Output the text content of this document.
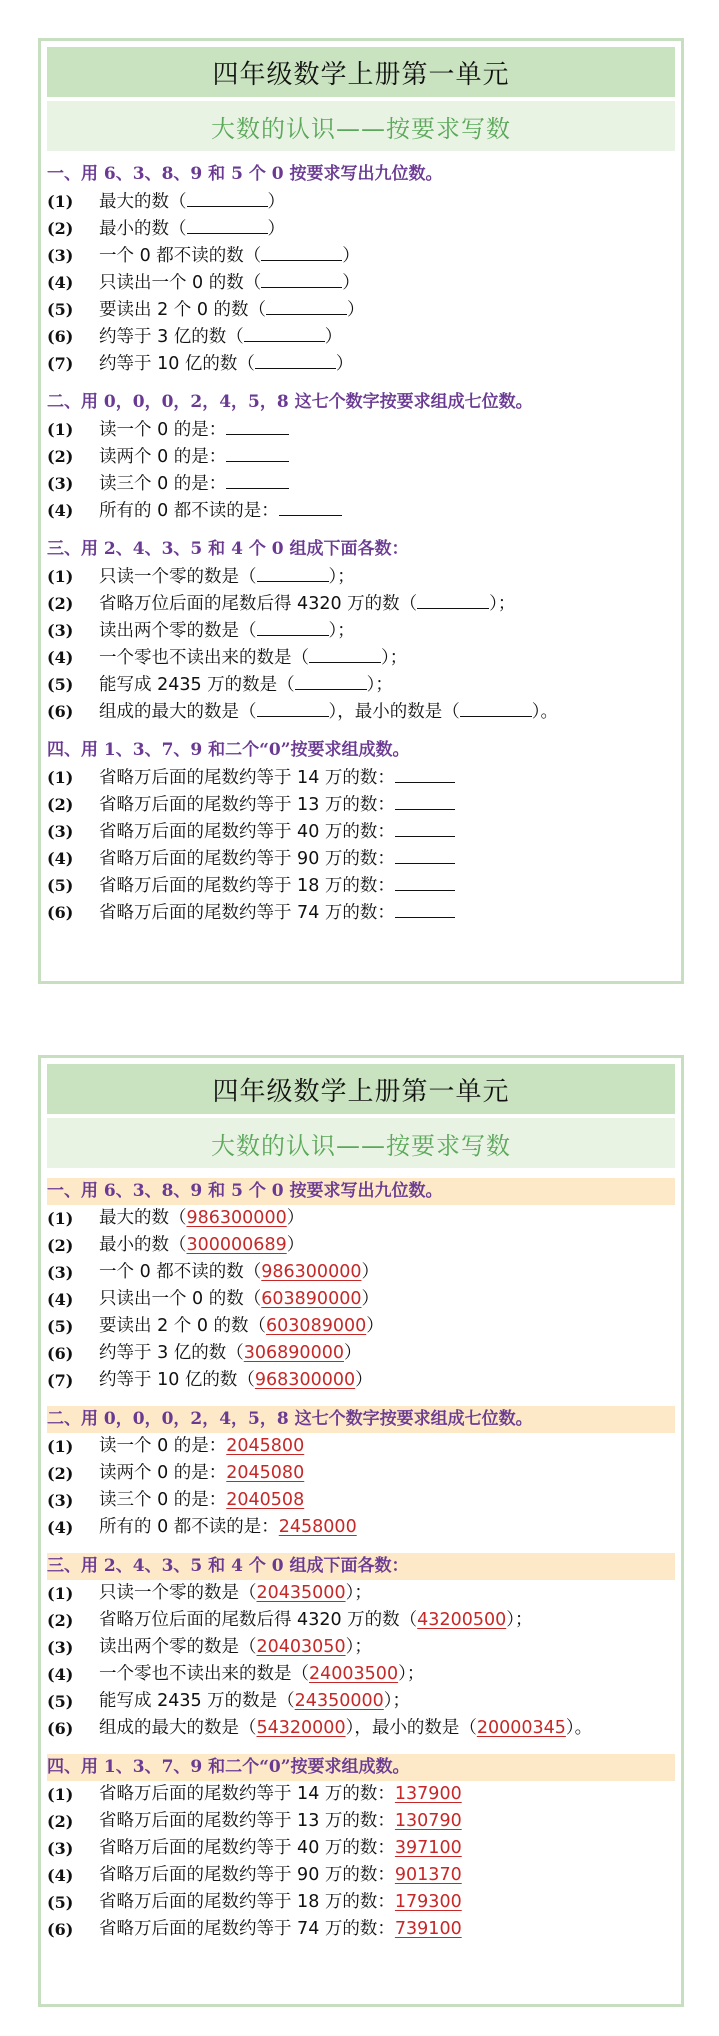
四年级数学上册第一单元
大数的认识——按要求写数
一、用 6、3、8、9 和 5 个 0 按要求写出九位数。
(1)	最大的数（	）
(2)	最小的数（	）
(3)	一个 0 都不读的数（	）
(4)	只读出一个 0 的数（	）
(5)	要读出 2 个 0 的数（	）
(6)	约等于 3 亿的数（	）
(7)	约等于 10 亿的数（	）
二、用 0，0，0，2，4，5，8 这七个数字按要求组成七位数。
(1)	读一个 0 的是：
(2)	读两个 0 的是：
(3)	读三个 0 的是：
(4)	所有的 0 都不读的是：
三、用 2、4、3、5 和 4 个 0 组成下面各数：
(1)	只读一个零的数是（	）；
(2)	省略万位后面的尾数后得 4320 万的数（	）；
(3)	读出两个零的数是（	）；
(4)	一个零也不读出来的数是（	）；
(5)	能写成 2435 万的数是（	）；
(6)	组成的最大的数是（	），最小的数是（	）。
四、用 1、3、7、9 和二个“0”按要求组成数。
(1)	省略万后面的尾数约等于 14 万的数：
(2)	省略万后面的尾数约等于 13 万的数：
(3)	省略万后面的尾数约等于 40 万的数：
(4)	省略万后面的尾数约等于 90 万的数：
(5)	省略万后面的尾数约等于 18 万的数：
(6)	省略万后面的尾数约等于 74 万的数：
四年级数学上册第一单元
大数的认识——按要求写数
一、用 6、3、8、9 和 5 个 0 按要求写出九位数。
(1)	最大的数（986300000）
(2)	最小的数（300000689）
(3)	一个 0 都不读的数（986300000）
(4)	只读出一个 0 的数（603890000）
(5)	要读出 2 个 0 的数（603089000）
(6)	约等于 3 亿的数（306890000）
(7)	约等于 10 亿的数（968300000）
二、用 0，0，0，2，4，5，8 这七个数字按要求组成七位数。
(1)	读一个 0 的是：2045800
(2)	读两个 0 的是：2045080
(3)	读三个 0 的是：2040508
(4)	所有的 0 都不读的是：2458000
三、用 2、4、3、5 和 4 个 0 组成下面各数：
(1)	只读一个零的数是（20435000）；
(2)	省略万位后面的尾数后得 4320 万的数（43200500）；
(3)	读出两个零的数是（20403050）；
(4)	一个零也不读出来的数是（24003500）；
(5)	能写成 2435 万的数是（24350000）；
(6)	组成的最大的数是（54320000），最小的数是（20000345）。
四、用 1、3、7、9 和二个“0”按要求组成数。
(1)	省略万后面的尾数约等于 14 万的数：137900
(2)	省略万后面的尾数约等于 13 万的数：130790
(3)	省略万后面的尾数约等于 40 万的数：397100
(4)	省略万后面的尾数约等于 90 万的数：901370
(5)	省略万后面的尾数约等于 18 万的数：179300
(6)	省略万后面的尾数约等于 74 万的数：739100
